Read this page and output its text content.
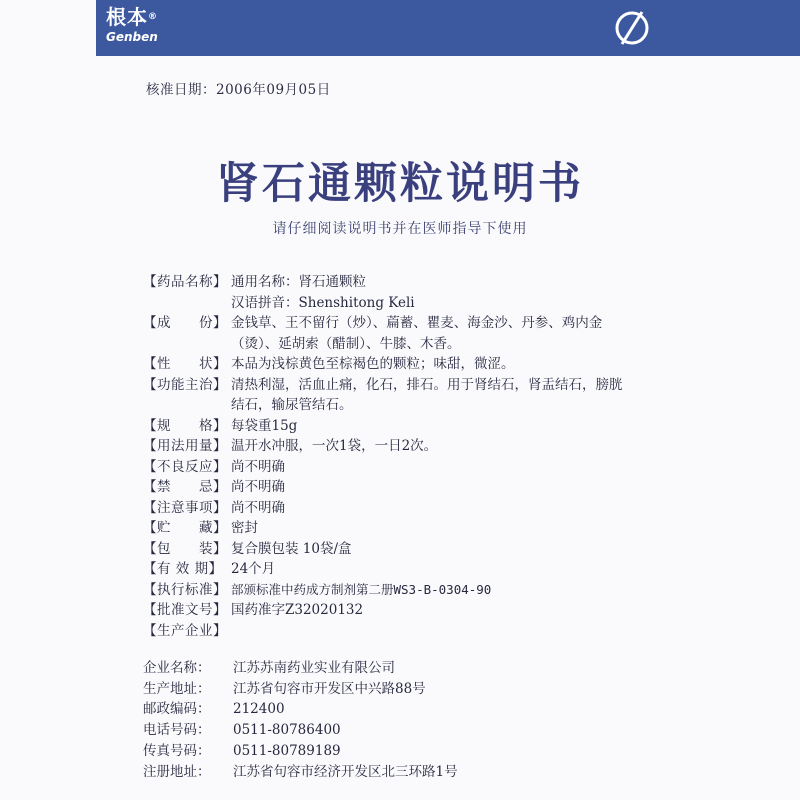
根本®
Genben
核准日期：2006年09月05日
肾石通颗粒说明书
请仔细阅读说明书并在医师指导下使用
【药品名称】 通用名称：肾石通颗粒
汉语拼音：Shenshitong Keli
【成　　份】 金钱草、王不留行（炒）、萹蓄、瞿麦、海金沙、丹参、鸡内金
（烫）、延胡索（醋制）、牛膝、木香。
【性　　状】 本品为浅棕黄色至棕褐色的颗粒；味甜，微涩。
【功能主治】 清热利湿，活血止痛，化石，排石。用于肾结石，肾盂结石，膀胱
结石，输尿管结石。
【规　　格】 每袋重15g
【用法用量】 温开水冲服，一次1袋，一日2次。
【不良反应】 尚不明确
【禁　　忌】 尚不明确
【注意事项】 尚不明确
【贮　　藏】 密封
【包　　装】 复合膜包装 10袋/盒
【有 效 期】 24个月
【执行标准】 部颁标准中药成方制剂第二册WS3-B-0304-90
【批准文号】 国药准字Z32020132
【生产企业】
企业名称：	江苏苏南药业实业有限公司
生产地址：	江苏省句容市开发区中兴路88号
邮政编码：	212400
电话号码：	0511-80786400
传真号码：	0511-80789189
注册地址：	江苏省句容市经济开发区北三环路1号
